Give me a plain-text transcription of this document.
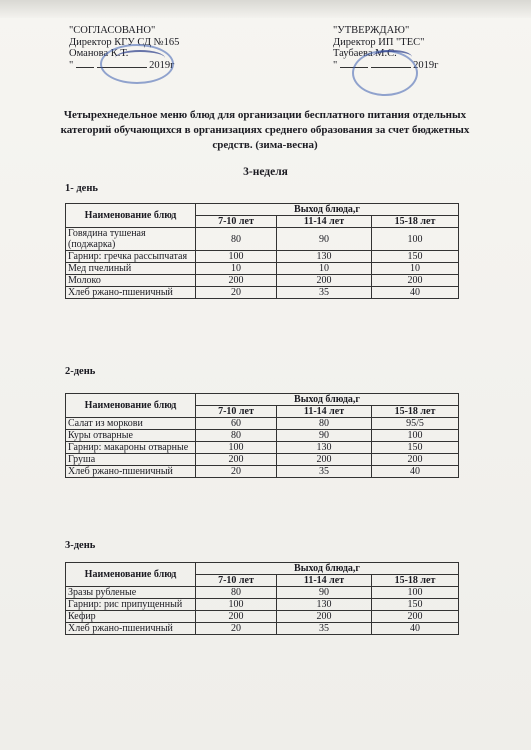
"СОГЛАСОВАНО"
Директор КГУ СД №165
Оманова К.Т.
"	2019г
"УТВЕРЖДАЮ"
Директор ИП "ТЕС"
Таубаева М.С.
"	2019г
Четырехнедельное меню блюд для организации бесплатного питания отдельных категорий обучающихся в организациях среднего образования за счет бюджетных средств. (зима-весна)
3-неделя
1- день
Наименование блюд	Выход блюда,г		
	7-10 лет	11-14 лет	15-18 лет
Говядина тушеная (поджарка)	80	90	100
Гарнир: гречка рассыпчатая	100	130	150
Мед пчелиный	10	10	10
Молоко	200	200	200
Хлеб ржано-пшеничный	20	35	40
2-день
Наименование блюд	Выход блюда,г		
	7-10 лет	11-14 лет	15-18 лет
Салат из моркови	60	80	95/5
Куры отварные	80	90	100
Гарнир: макароны отварные	100	130	150
Груша	200	200	200
Хлеб ржано-пшеничный	20	35	40
3-день
Наименование блюд	Выход блюда,г		
	7-10 лет	11-14 лет	15-18 лет
Зразы рубленые	80	90	100
Гарнир: рис припущенный	100	130	150
Кефир	200	200	200
Хлеб ржано-пшеничный	20	35	40
